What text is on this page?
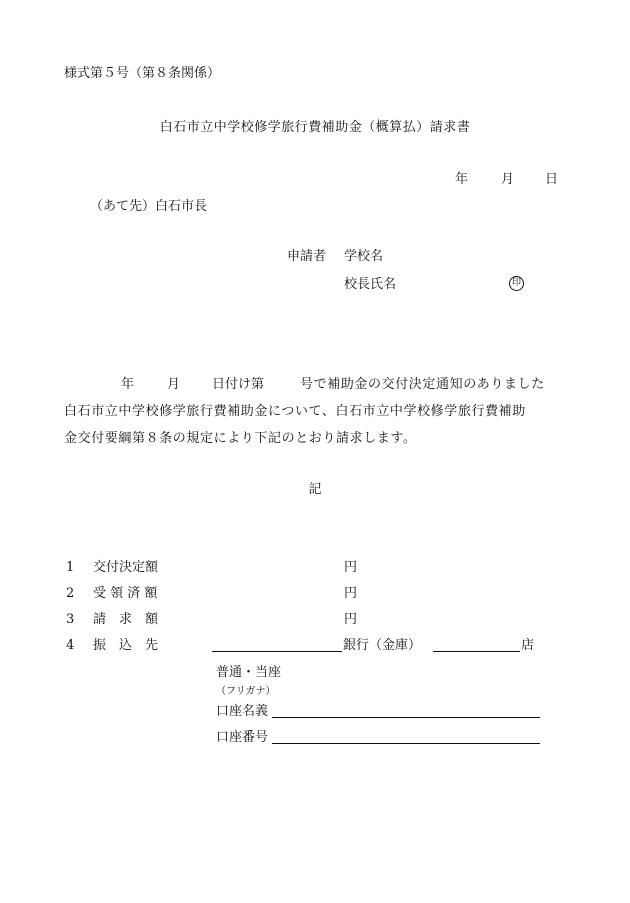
様式第５号（第８条関係）
白石市立中学校修学旅行費補助金（概算払）請求書
年	月 日
（あて先）白石市長
申請者 学校名
校長氏名	印
年	月 日付け第	号で補助金の交付決定通知のありました
白石市立中学校修学旅行費補助金について、白石市立中学校修学旅行費補助
金交付要綱第８条の規定により下記のとおり請求します。
記
1 交付決定額	円
2 受 領 済 額	円
3 請　求　額	円
4 振　込　先	銀行（金庫）	店
普通・当座
（フリガナ）
口座名義
口座番号
